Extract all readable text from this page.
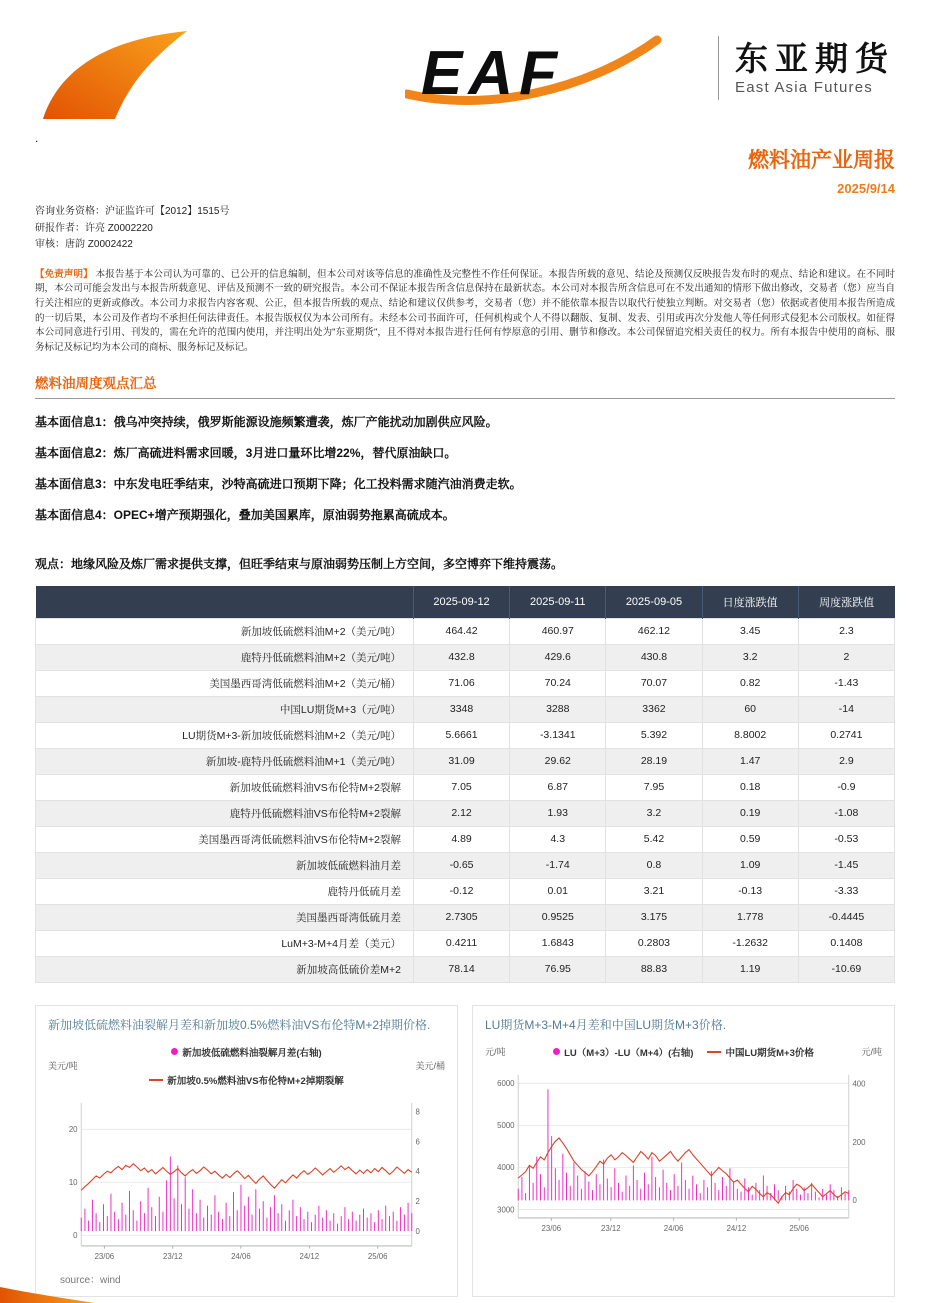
EAF	东亚期货
East Asia Futures
.
燃料油产业周报
2025/9/14
咨询业务资格：沪证监许可【2012】1515号
研报作者：许亮 Z0002220
审核：唐韵 Z0002422

【免责声明】 本报告基于本公司认为可靠的、已公开的信息编制，但本公司对该等信息的准确性及完整性不作任何保证。本报告所载的意见、结论及预测仅反映报告发布时的观点、结论和建议。在不同时期，本公司可能会发出与本报告所载意见、评估及预测不一致的研究报告。本公司不保证本报告所含信息保持在最新状态。本公司对本报告所含信息可在不发出通知的情形下做出修改，交易者（您）应当自行关注相应的更新或修改。本公司力求报告内容客观、公正，但本报告所载的观点、结论和建议仅供参考，交易者（您）并不能依靠本报告以取代行使独立判断。对交易者（您）依据或者使用本报告所造成的一切后果，本公司及作者均不承担任何法律责任。本报告版权仅为本公司所有。未经本公司书面许可，任何机构或个人不得以翻版、复制、发表、引用或再次分发他人等任何形式侵犯本公司版权。如征得本公司同意进行引用、刊发的，需在允许的范围内使用，并注明出处为"东亚期货"，且不得对本报告进行任何有悖原意的引用、删节和修改。本公司保留追究相关责任的权力。所有本报告中使用的商标、服务标记及标记均为本公司的商标、服务标记及标记。

燃料油周度观点汇总
基本面信息1：俄乌冲突持续，俄罗斯能源设施频繁遭袭，炼厂产能扰动加剧供应风险。
基本面信息2：炼厂高硫进料需求回暖，3月进口量环比增22%，替代原油缺口。
基本面信息3：中东发电旺季结束，沙特高硫进口预期下降；化工投料需求随汽油消费走软。
基本面信息4：OPEC+增产预期强化，叠加美国累库，原油弱势拖累高硫成本。
观点：地缘风险及炼厂需求提供支撑，但旺季结束与原油弱势压制上方空间，多空博弈下维持震荡。
	2025-09-12	2025-09-11	2025-09-05	日度涨跌值	周度涨跌值
新加坡低硫燃料油M+2（美元/吨）	464.42	460.97	462.12	3.45	2.3
鹿特丹低硫燃料油M+2（美元/吨）	432.8	429.6	430.8	3.2	2
美国墨西哥湾低硫燃料油M+2（美元/桶）	71.06	70.24	70.07	0.82	-1.43
中国LU期货M+3（元/吨）	3348	3288	3362	60	-14
LU期货M+3-新加坡低硫燃料油M+2（美元/吨）	5.6661	-3.1341	5.392	8.8002	0.2741
新加坡-鹿特丹低硫燃料油M+1（美元/吨）	31.09	29.62	28.19	1.47	2.9
新加坡低硫燃料油VS布伦特M+2裂解	7.05	6.87	7.95	0.18	-0.9
鹿特丹低硫燃料油VS布伦特M+2裂解	2.12	1.93	3.2	0.19	-1.08
美国墨西哥湾低硫燃料油VS布伦特M+2裂解	4.89	4.3	5.42	0.59	-0.53
新加坡低硫燃料油月差	-0.65	-1.74	0.8	1.09	-1.45
鹿特丹低硫月差	-0.12	0.01	3.21	-0.13	-3.33
美国墨西哥湾低硫月差	2.7305	0.9525	3.175	1.778	-0.4445
LuM+3-M+4月差（美元）	0.4211	1.6843	0.2803	-1.2632	0.1408
新加坡高低硫价差M+2	78.14	76.95	88.83	1.19	-10.69
新加坡低硫燃料油裂解月差和新加坡0.5%燃料油VS布伦特M+2掉期价格.
美元/吨
新加坡低硫燃料油裂解月差(右轴)
新加坡0.5%燃料油VS布伦特M+2掉期裂解
美元/桶
0
10
20
0
2
4
6
8
23/06	23/12	24/06	24/12	25/06
source：wind
LU期货M+3-M+4月差和中国LU期货M+3价格.
元/吨	LU（M+3）-LU（M+4）(右轴)	中国LU期货M+3价格	元/吨
3000
4000
5000
6000
0
200
400
23/06	23/12	24/06	24/12	25/06
